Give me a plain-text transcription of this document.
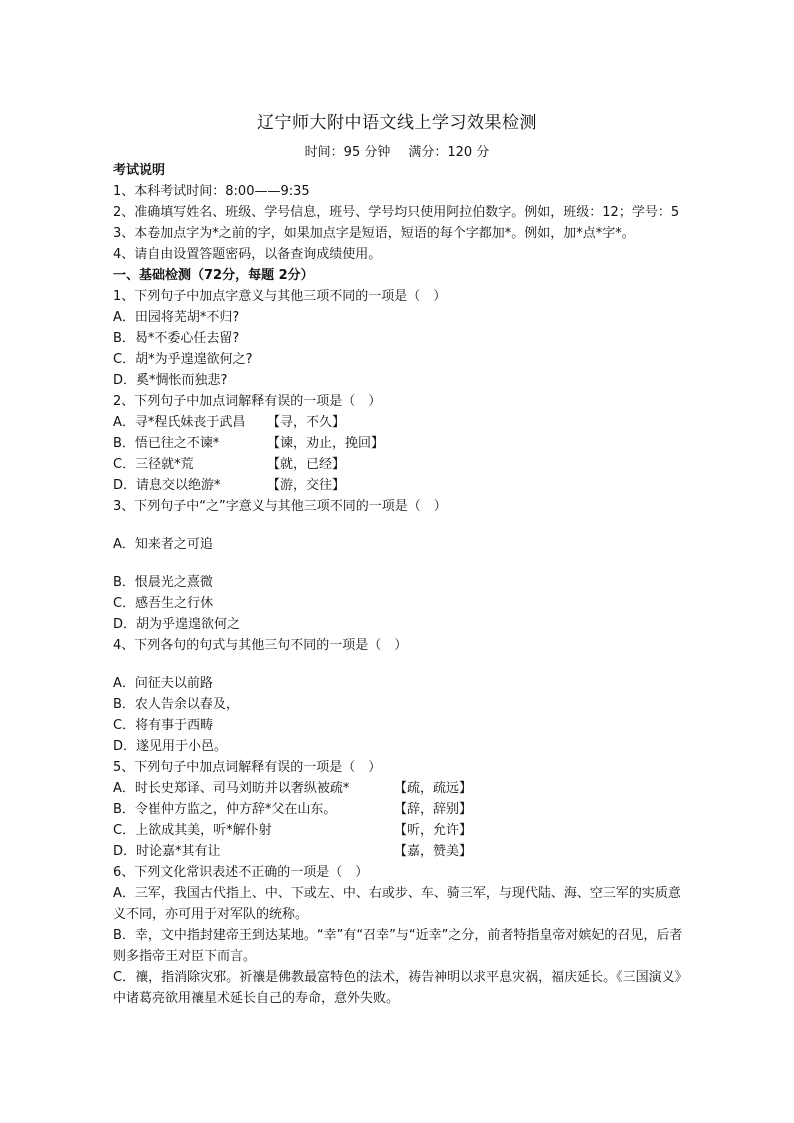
辽宁师大附中语文线上学习效果检测
时间：95 分钟 满分：120 分
考试说明
1、本科考试时间：8:00——9:35
2、准确填写姓名、班级、学号信息，班号、学号均只使用阿拉伯数字。例如，班级：12；学号：5
3、本卷加点字为*之前的字，如果加点字是短语，短语的每个字都加*。例如，加*点*字*。
4、请自由设置答题密码，以备查询成绩使用。
一、基础检测（72分，每题 2分）
1、下列句子中加点字意义与其他三项不同的一项是（　）
A．田园将芜胡*不归?
B．曷*不委心任去留?
C．胡*为乎遑遑欲何之?
D．奚*惆怅而独悲?
2、下列句子中加点词解释有误的一项是（　）
A．寻*程氏妹丧于武昌 【寻，不久】
B．悟已往之不谏*	【谏，劝止，挽回】
C．三径就*荒	【就，已经】
D．请息交以绝游*	【游，交往】
3、下列句子中“之”字意义与其他三项不同的一项是（　）
A．知来者之可追
B．恨晨光之熹微
C．感吾生之行休
D．胡为乎遑遑欲何之
4、下列各句的句式与其他三句不同的一项是（　）
A．问征夫以前路
B．农人告余以春及，
C．将有事于西畴
D．遂见用于小邑。
5、下列句子中加点词解释有误的一项是（　）
A．时长史郑译、司马刘昉并以奢纵被疏*	【疏，疏远】
B．令崔仲方监之，仲方辞*父在山东。	【辞，辞别】
C．上欲成其美，听*解仆射	【听，允许】
D．时论嘉*其有让	【嘉，赞美】
6、下列文化常识表述不正确的一项是（　）
A．三军，我国古代指上、中、下或左、中、右或步、车、骑三军，与现代陆、海、空三军的实质意义不同，亦可用于对军队的统称。
B．幸，文中指封建帝王到达某地。“幸”有“召幸”与“近幸”之分，前者特指皇帝对嫔妃的召见，后者则多指帝王对臣下而言。
C．禳，指消除灾邪。祈禳是佛教最富特色的法术，祷告神明以求平息灾祸，福庆延长。《三国演义》中诸葛亮欲用禳星术延长自己的寿命，意外失败。
